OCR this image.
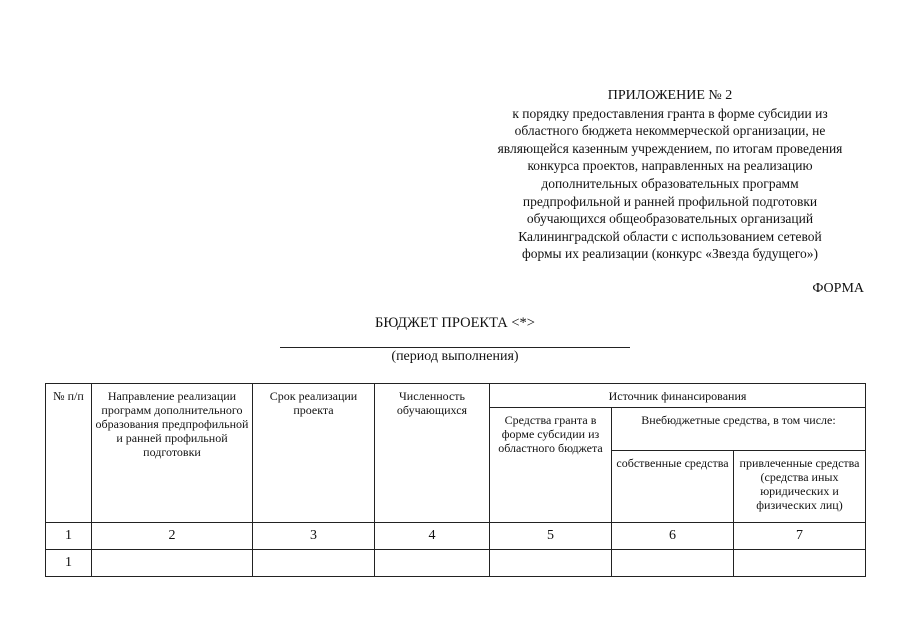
ПРИЛОЖЕНИЕ № 2
к порядку предоставления гранта в форме субсидии из
областного бюджета некоммерческой организации, не
являющейся казенным учреждением, по итогам проведения
конкурса проектов, направленных на реализацию
дополнительных образовательных программ
предпрофильной и ранней профильной подготовки
обучающихся общеобразовательных организаций
Калининградской области с использованием сетевой
формы их реализации (конкурс «Звезда будущего»)
ФОРМА
БЮДЖЕТ ПРОЕКТА <*>
(период выполнения)
№ п/п	Направление реализации программ дополнительного образования предпрофильной и ранней профильной подготовки	Срок реализации проекта	Численность обучающихся	Источник финансирования		
				Средства гранта в форме субсидии из областного бюджета	Внебюджетные средства, в том числе:	
					собственные средства	привлеченные средства (средства иных юридических и физических лиц)
1	2	3	4	5	6	7
1						
